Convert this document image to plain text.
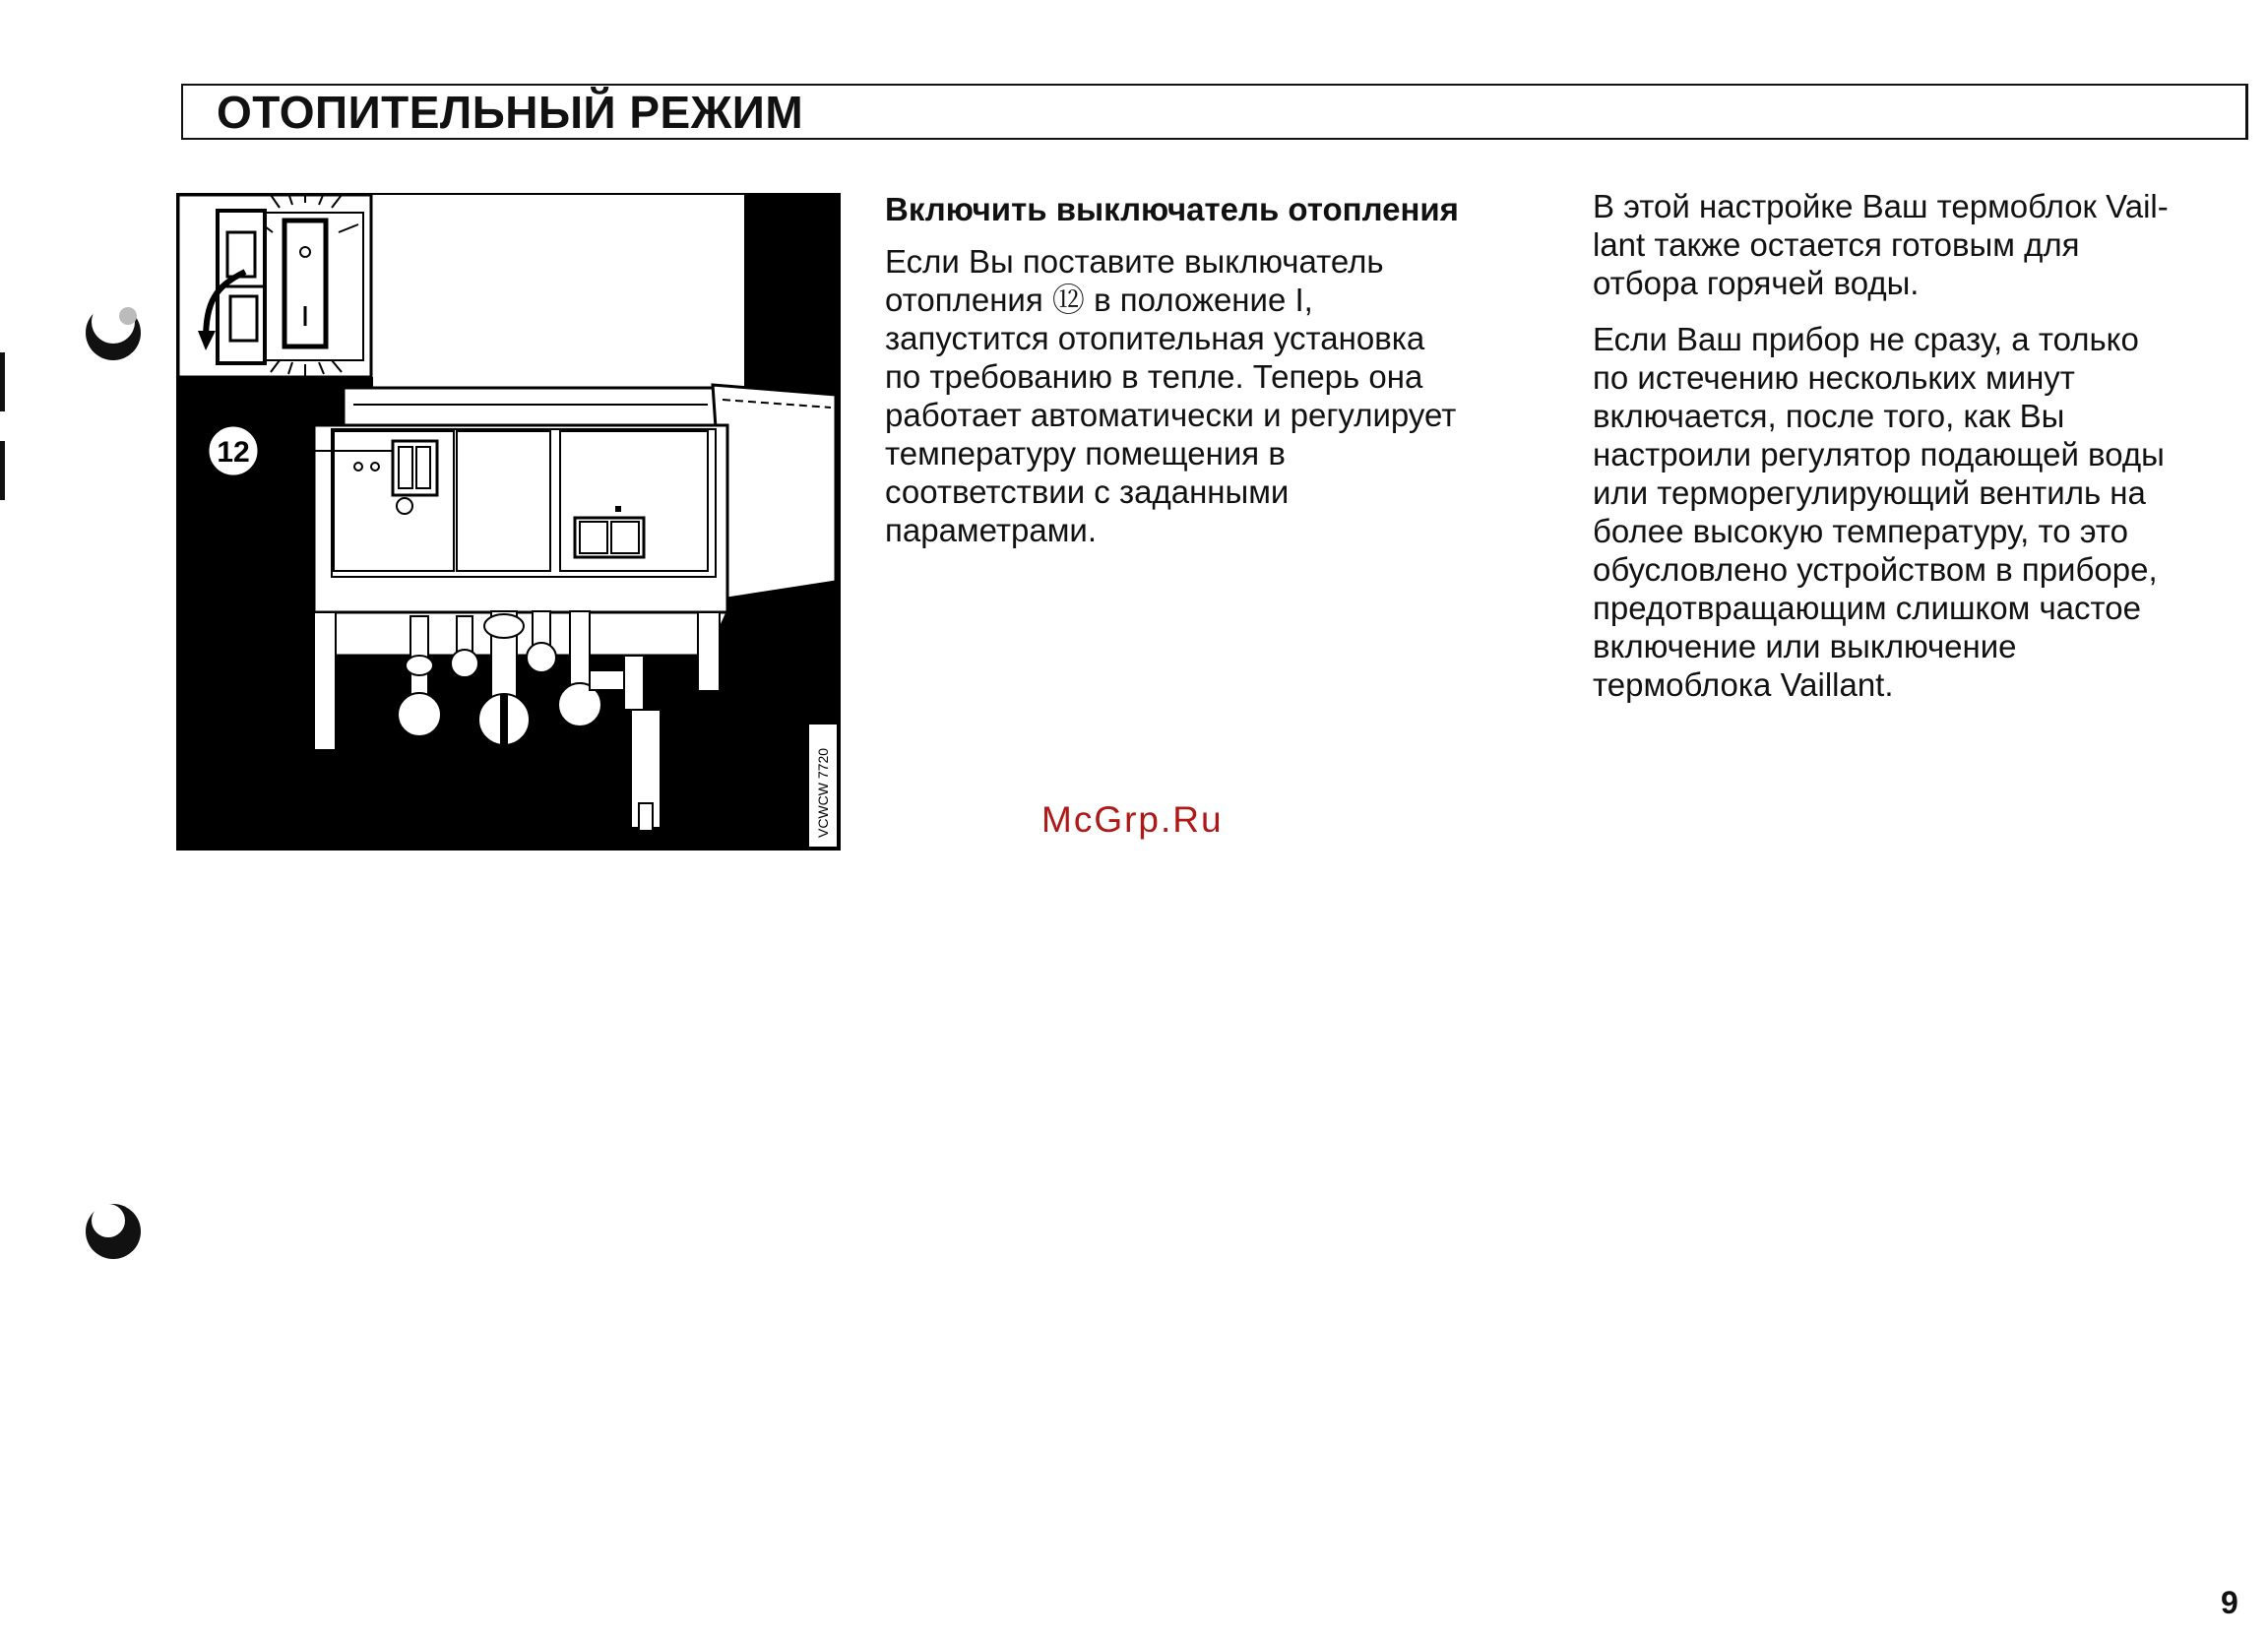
ОТОПИТЕЛЬНЫЙ РЕЖИМ
O
12
VCWCW 7720
Включить выключатель отопления
Если Вы поставите выключатель
отопления ⑫ в положение I,
запустится отопительная установка
по требованию в тепле. Теперь она
работает автоматически и регулирует
температуру помещения в
соответствии с заданными
параметрами.
В этой настройке Ваш термоблок Vail-
lant также остается готовым для
отбора горячей воды.
Если Ваш прибор не сразу, а только
по истечению нескольких минут
включается, после того, как Вы
настроили регулятор подающей воды
или терморегулирующий вентиль на
более высокую температуру, то это
обусловлено устройством в приборе,
предотвращающим слишком частое
включение или выключение
термоблока Vaillant.
McGrp.Ru
9
